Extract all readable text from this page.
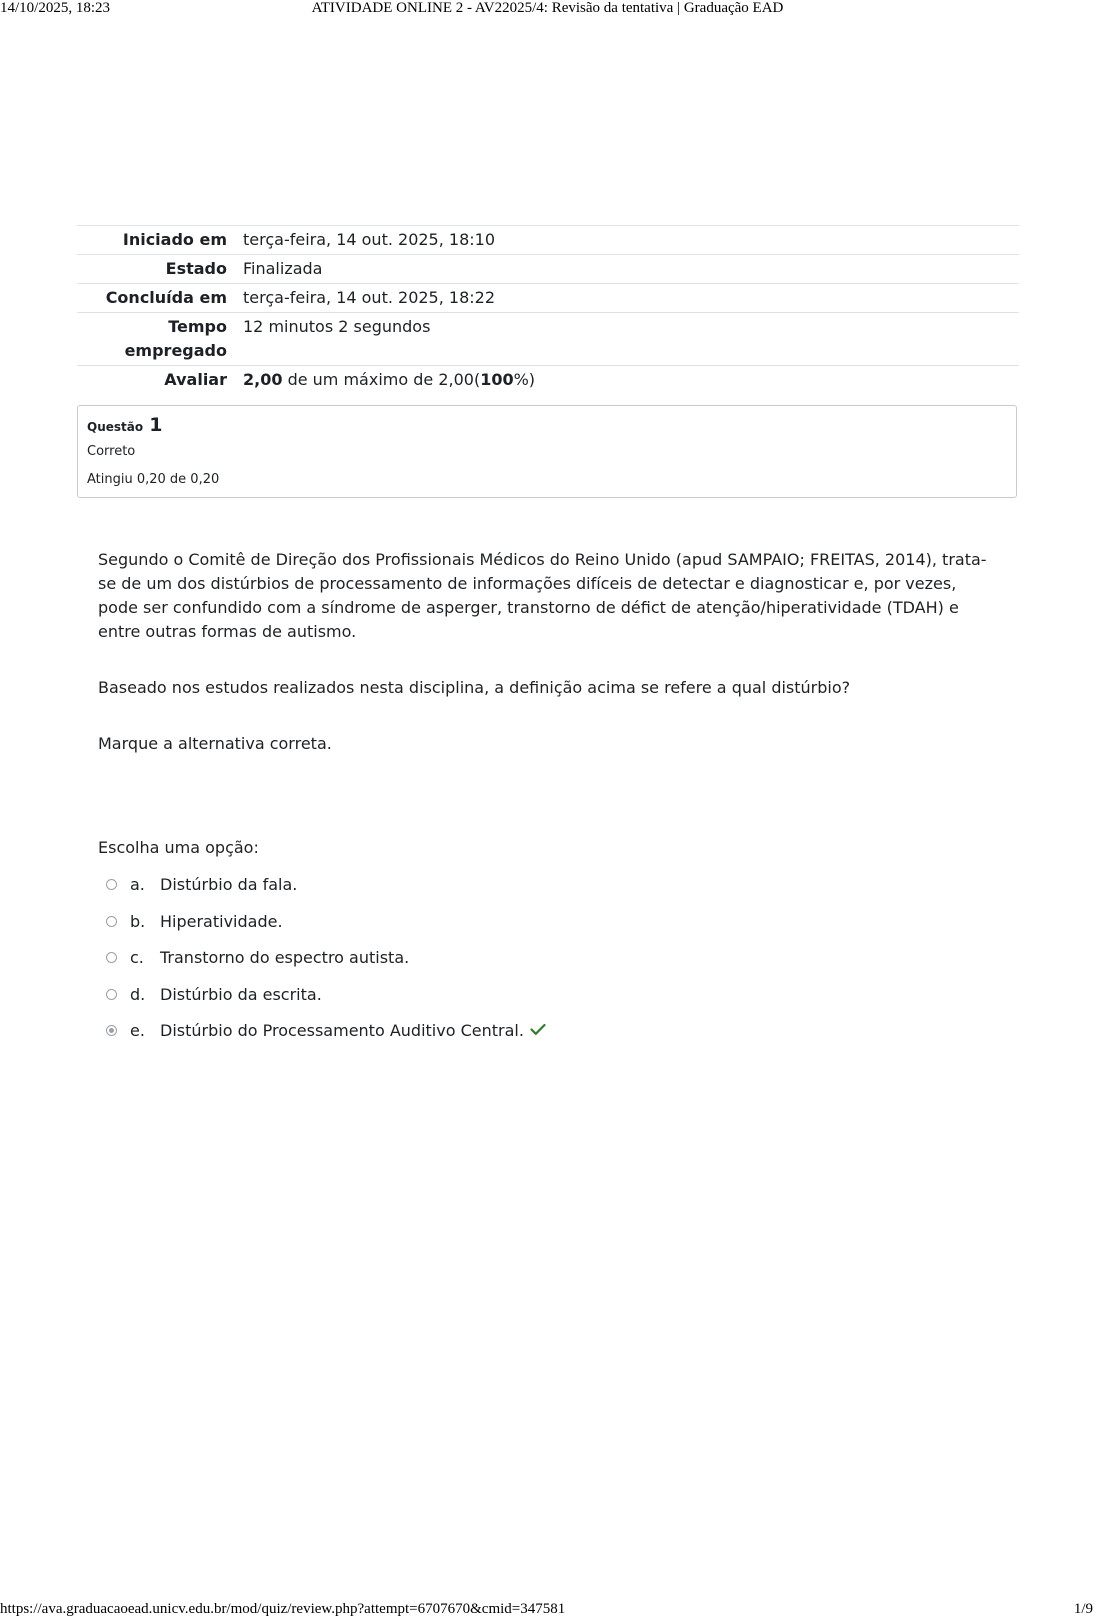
14/10/2025, 18:23	ATIVIDADE ONLINE 2 - AV22025/4: Revisão da tentativa | Graduação EAD
Iniciado em	terça-feira, 14 out. 2025, 18:10
Estado	Finalizada
Concluída em	terça-feira, 14 out. 2025, 18:22
Tempo
empregado	12 minutos 2 segundos
Avaliar	2,00 de um máximo de 2,00(100%)
Questão 1
Correto
Atingiu 0,20 de 0,20

Segundo o Comitê de Direção dos Profissionais Médicos do Reino Unido (apud SAMPAIO; FREITAS, 2014), trata-
se de um dos distúrbios de processamento de informações difíceis de detectar e diagnosticar e, por vezes,
pode ser confundido com a síndrome de asperger, transtorno de défict de atenção/hiperatividade (TDAH) e
entre outras formas de autismo.

Baseado nos estudos realizados nesta disciplina, a definição acima se refere a qual distúrbio?

Marque a alternativa correta.

Escolha uma opção:
a. Distúrbio da fala.
b. Hiperatividade.
c. Transtorno do espectro autista.
d. Distúrbio da escrita.
e. Distúrbio do Processamento Auditivo Central.
https://ava.graduacaoead.unicv.edu.br/mod/quiz/review.php?attempt=6707670&cmid=347581	1/9
